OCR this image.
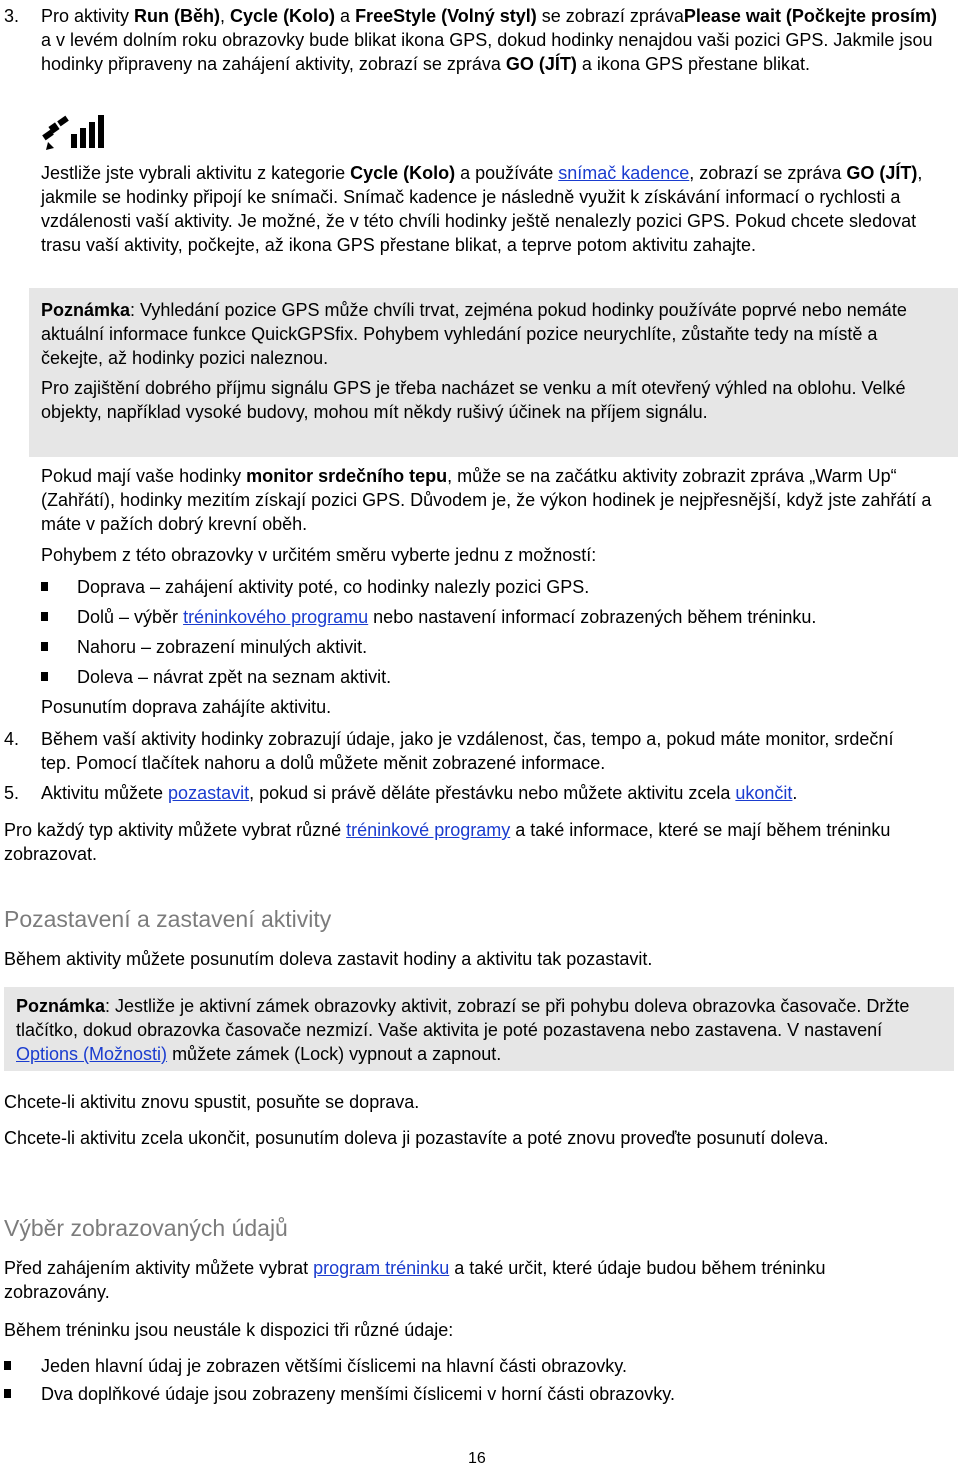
3. Pro aktivity Run (Běh), Cycle (Kolo) a FreeStyle (Volný styl) se zobrazí zprávaPlease wait (Počkejte prosím) a v levém dolním roku obrazovky bude blikat ikona GPS, dokud hodinky nenajdou vaši pozici GPS. Jakmile jsou hodinky připraveny na zahájení aktivity, zobrazí se zpráva GO (JÍT) a ikona GPS přestane blikat.

Jestliže jste vybrali aktivitu z kategorie Cycle (Kolo) a používáte snímač kadence, zobrazí se zpráva GO (JÍT), jakmile se hodinky připojí ke snímači. Snímač kadence je následně využit k získávání informací o rychlosti a vzdálenosti vaší aktivity. Je možné, že v této chvíli hodinky ještě nenalezly pozici GPS. Pokud chcete sledovat trasu vaší aktivity, počkejte, až ikona GPS přestane blikat, a teprve potom aktivitu zahajte.

Poznámka: Vyhledání pozice GPS může chvíli trvat, zejména pokud hodinky používáte poprvé nebo nemáte aktuální informace funkce QuickGPSfix. Pohybem vyhledání pozice neurychlíte, zůstaňte tedy na místě a čekejte, až hodinky pozici naleznou.

Pro zajištění dobrého příjmu signálu GPS je třeba nacházet se venku a mít otevřený výhled na oblohu. Velké objekty, například vysoké budovy, mohou mít někdy rušivý účinek na příjem signálu.

Pokud mají vaše hodinky monitor srdečního tepu, může se na začátku aktivity zobrazit zpráva „Warm Up“ (Zahřátí), hodinky mezitím získají pozici GPS. Důvodem je, že výkon hodinek je nejpřesnější, když jste zahřátí a máte v pažích dobrý krevní oběh.

Pohybem z této obrazovky v určitém směru vyberte jednu z možností:

Doprava – zahájení aktivity poté, co hodinky nalezly pozici GPS.

Dolů – výběr tréninkového programu nebo nastavení informací zobrazených během tréninku.

Nahoru – zobrazení minulých aktivit.

Doleva – návrat zpět na seznam aktivit.

Posunutím doprava zahájíte aktivitu.

4. Během vaší aktivity hodinky zobrazují údaje, jako je vzdálenost, čas, tempo a, pokud máte monitor, srdeční tep. Pomocí tlačítek nahoru a dolů můžete měnit zobrazené informace.

5. Aktivitu můžete pozastavit, pokud si právě děláte přestávku nebo můžete aktivitu zcela ukončit.

Pro každý typ aktivity můžete vybrat různé tréninkové programy a také informace, které se mají během tréninku zobrazovat.

Pozastavení a zastavení aktivity

Během aktivity můžete posunutím doleva zastavit hodiny a aktivitu tak pozastavit.

Poznámka: Jestliže je aktivní zámek obrazovky aktivit, zobrazí se při pohybu doleva obrazovka časovače. Držte tlačítko, dokud obrazovka časovače nezmizí. Vaše aktivita je poté pozastavena nebo zastavena. V nastavení Options (Možnosti) můžete zámek (Lock) vypnout a zapnout.

Chcete-li aktivitu znovu spustit, posuňte se doprava.

Chcete-li aktivitu zcela ukončit, posunutím doleva ji pozastavíte a poté znovu proveďte posunutí doleva.

Výběr zobrazovaných údajů

Před zahájením aktivity můžete vybrat program tréninku a také určit, které údaje budou během tréninku zobrazovány.

Během tréninku jsou neustále k dispozici tři různé údaje:

Jeden hlavní údaj je zobrazen většími číslicemi na hlavní části obrazovky.

Dva doplňkové údaje jsou zobrazeny menšími číslicemi v horní části obrazovky.

16
